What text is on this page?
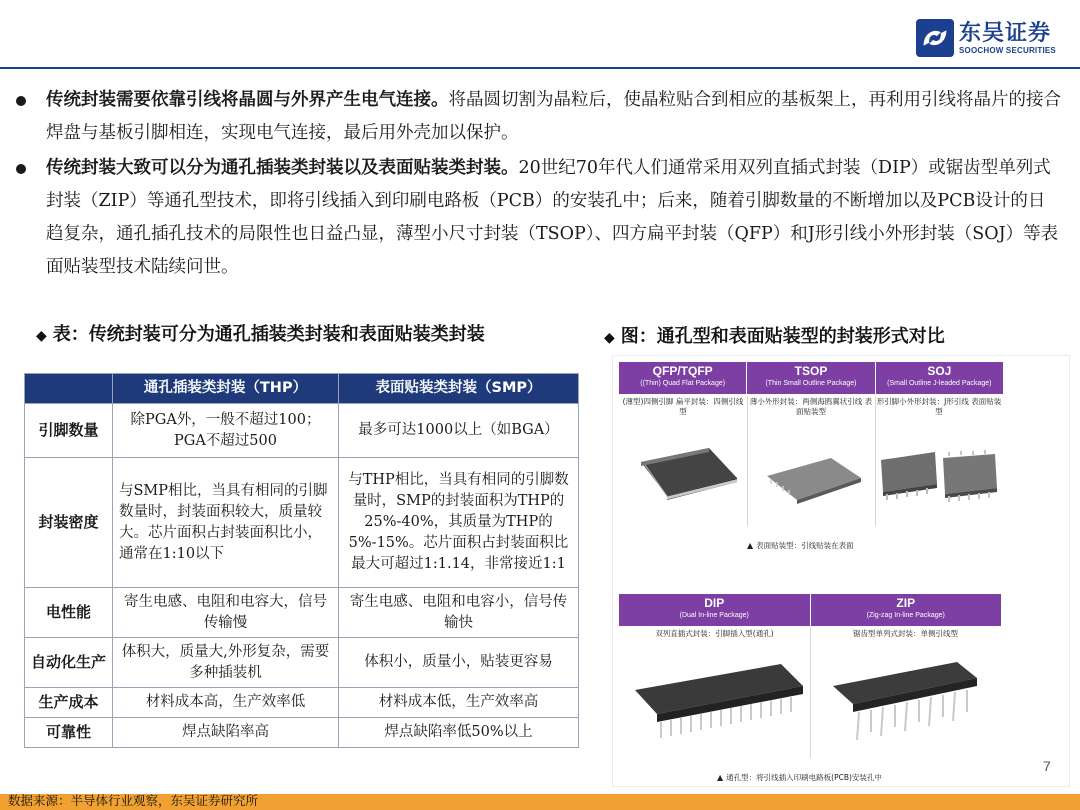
东吴证券
SOOCHOW SECURITIES
传统封装需要依靠引线将晶圆与外界产生电气连接。将晶圆切割为晶粒后，使晶粒贴合到相应的基板架上，再利用引线将晶片的接合焊盘与基板引脚相连，实现电气连接，最后用外壳加以保护。
传统封装大致可以分为通孔插装类封装以及表面贴装类封装。20世纪70年代人们通常采用双列直插式封装（DIP）或锯齿型单列式封装（ZIP）等通孔型技术，即将引线插入到印刷电路板（PCB）的安装孔中；后来，随着引脚数量的不断增加以及PCB设计的日趋复杂，通孔插孔技术的局限性也日益凸显，薄型小尺寸封装（TSOP）、四方扁平封装（QFP）和J形引线小外形封装（SOJ）等表面贴装型技术陆续问世。
◆ 表：传统封装可分为通孔插装类封装和表面贴装类封装	◆ 图：通孔型和表面贴装型的封装形式对比
	通孔插装类封装（THP）	表面贴装类封装（SMP）
引脚数量	除PGA外，一般不超过100；PGA不超过500	最多可达1000以上（如BGA）
封装密度	与SMP相比，当具有相同的引脚数量时，封装面积较大，质量较大。芯片面积占封装面积比小，通常在1:10以下	与THP相比，当具有相同的引脚数量时，SMP的封装面积为THP的25%-40%，其质量为THP的5%-15%。芯片面积占封装面积比最大可超过1:1.14，非常接近1:1
电性能	寄生电感、电阻和电容大，信号传输慢	寄生电感、电阻和电容小，信号传输快
自动化生产	体积大，质量大,外形复杂，需要多种插装机	体积小，质量小，贴装更容易
生产成本	材料成本高，生产效率低	材料成本低，生产效率高
可靠性	焊点缺陷率高	焊点缺陷率低50%以上
QFP/TQFP
((Thin) Quad Flat Package)
TSOP
(Thin Small Outline Package)
SOJ
(Small Outline J-leaded Package)
(薄型)四侧引脚 扁平封装：四侧引线型
薄小外形封装：两侧海鸥翼状引线 表面贴装型
形引脚小外形封装：J形引线 表面贴装型
▲ 表面贴装型：引线贴装在表面
DIP
(Dual In-line Package)
ZIP
(Zig-zag In-line Package)
双列直插式封装：引脚插入型(通孔)	锯齿型单列式封装：单侧引线型
▲ 通孔型：将引线插入印刷电路板(PCB)安装孔中
7
数据来源：半导体行业观察，东吴证券研究所
